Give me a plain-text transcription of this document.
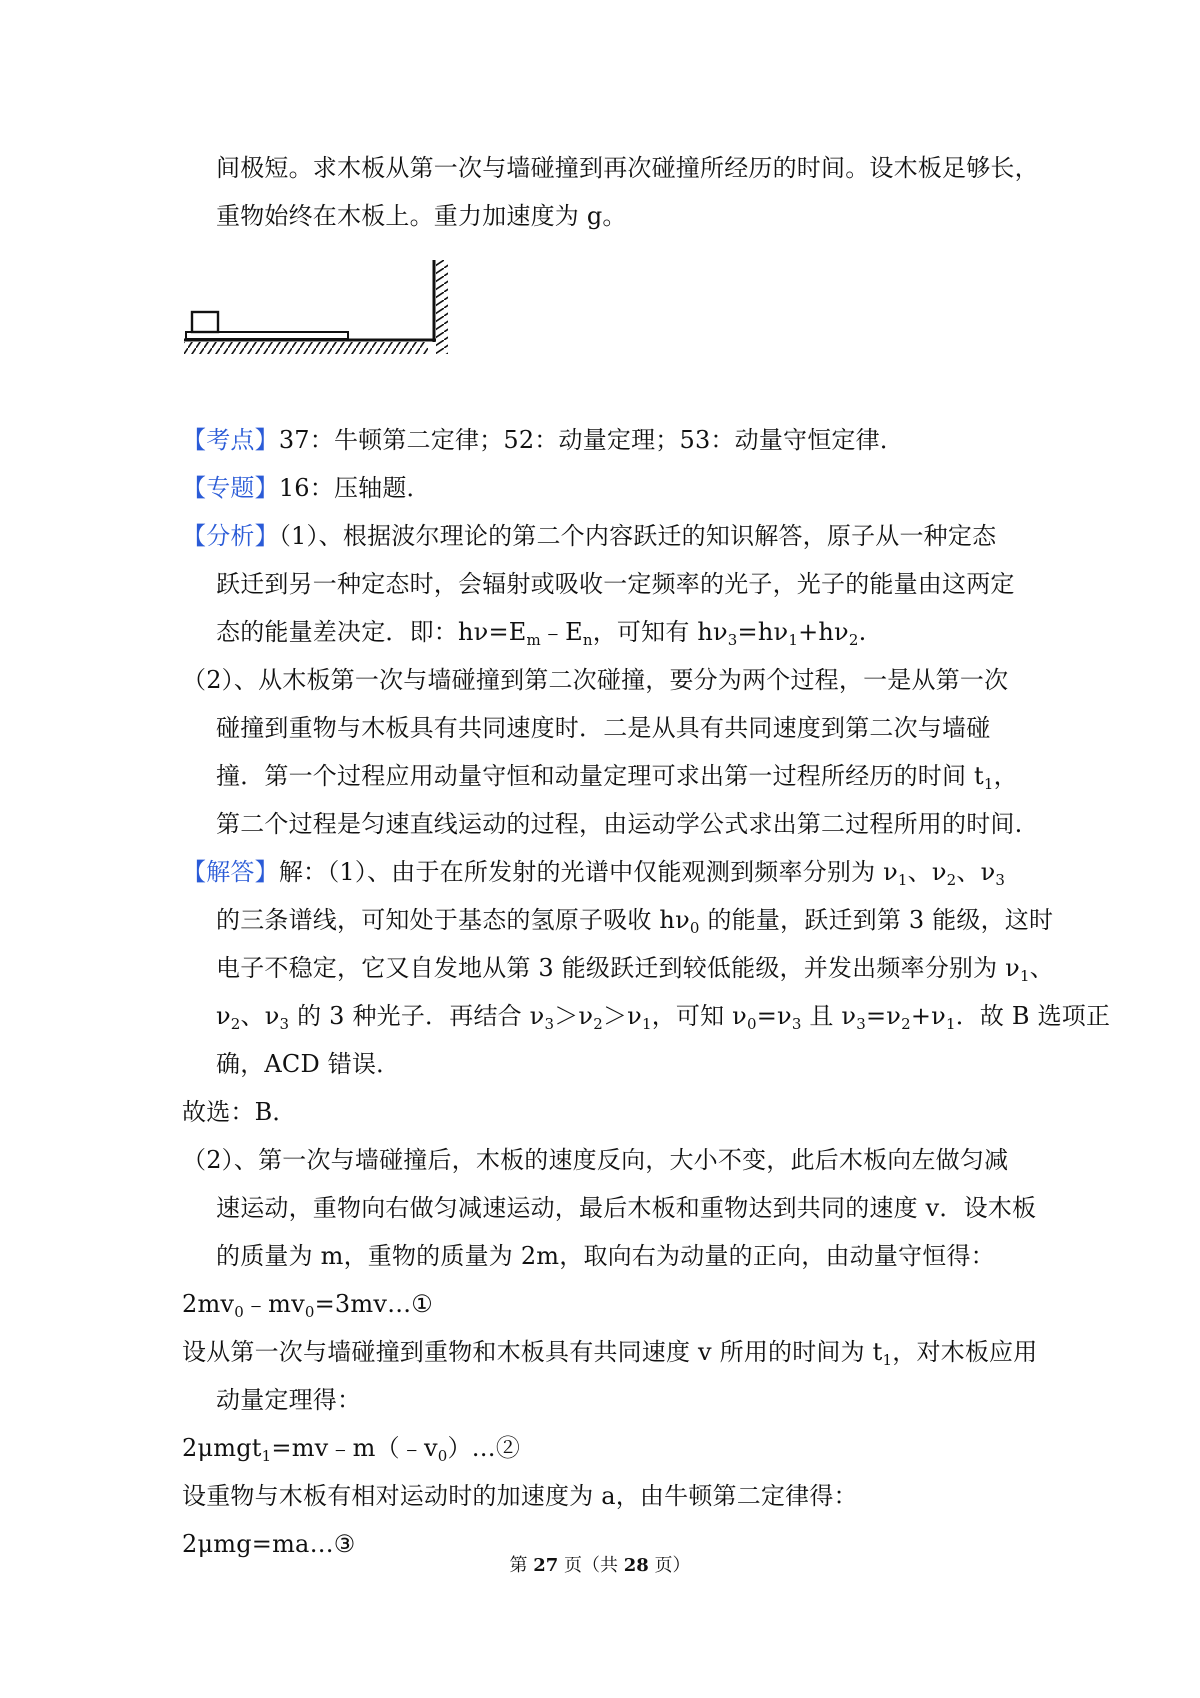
间极短。求木板从第一次与墙碰撞到再次碰撞所经历的时间。设木板足够长，
重物始终在木板上。重力加速度为 g。
【考点】37：牛顿第二定律；52：动量定理；53：动量守恒定律．
【专题】16：压轴题．
【分析】（1）、根据波尔理论的第二个内容跃迁的知识解答，原子从一种定态
跃迁到另一种定态时，会辐射或吸收一定频率的光子，光子的能量由这两定
态的能量差决定．即：$h\nu=E_m﹣E_n$，可知有 $h\nu_3=h\nu_1+h\nu_2$.
（2）、从木板第一次与墙碰撞到第二次碰撞，要分为两个过程，一是从第一次
碰撞到重物与木板具有共同速度时．二是从具有共同速度到第二次与墙碰
撞．第一个过程应用动量守恒和动量定理可求出第一过程所经历的时间 $t_1$，
第二个过程是匀速直线运动的过程，由运动学公式求出第二过程所用的时间.
【解答】解：（1）、由于在所发射的光谱中仅能观测到频率分别为 $\nu_1$、$\nu_2$、$\nu_3$
的三条谱线，可知处于基态的氢原子吸收 $h\nu_0$ 的能量，跃迁到第 3 能级，这时
电子不稳定，它又自发地从第 3 能级跃迁到较低能级，并发出频率分别为 $\nu_1$、
$\nu_2$、$\nu_3$ 的 3 种光子．再结合 $\nu_3>\nu_2>\nu_1$，可知 $\nu_0=\nu_3$ 且 $\nu_3=\nu_2+\nu_1$．故 B 选项正
确，ACD 错误．
故选：B．
（2）、第一次与墙碰撞后，木板的速度反向，大小不变，此后木板向左做匀减
速运动，重物向右做匀减速运动，最后木板和重物达到共同的速度 v．设木板
的质量为 m，重物的质量为 2m，取向右为动量的正向，由动量守恒得：
$2mv_0﹣mv_0=3mv\dots ①$
设从第一次与墙碰撞到重物和木板具有共同速度 v 所用的时间为 $t_1$，对木板应用
动量定理得：
$2\mu mgt_1=mv﹣m(﹣v_0)\dots ②$
设重物与木板有相对运动时的加速度为 a，由牛顿第二定律得：
2μmg=ma…③
第 27 页（共 28 页）
